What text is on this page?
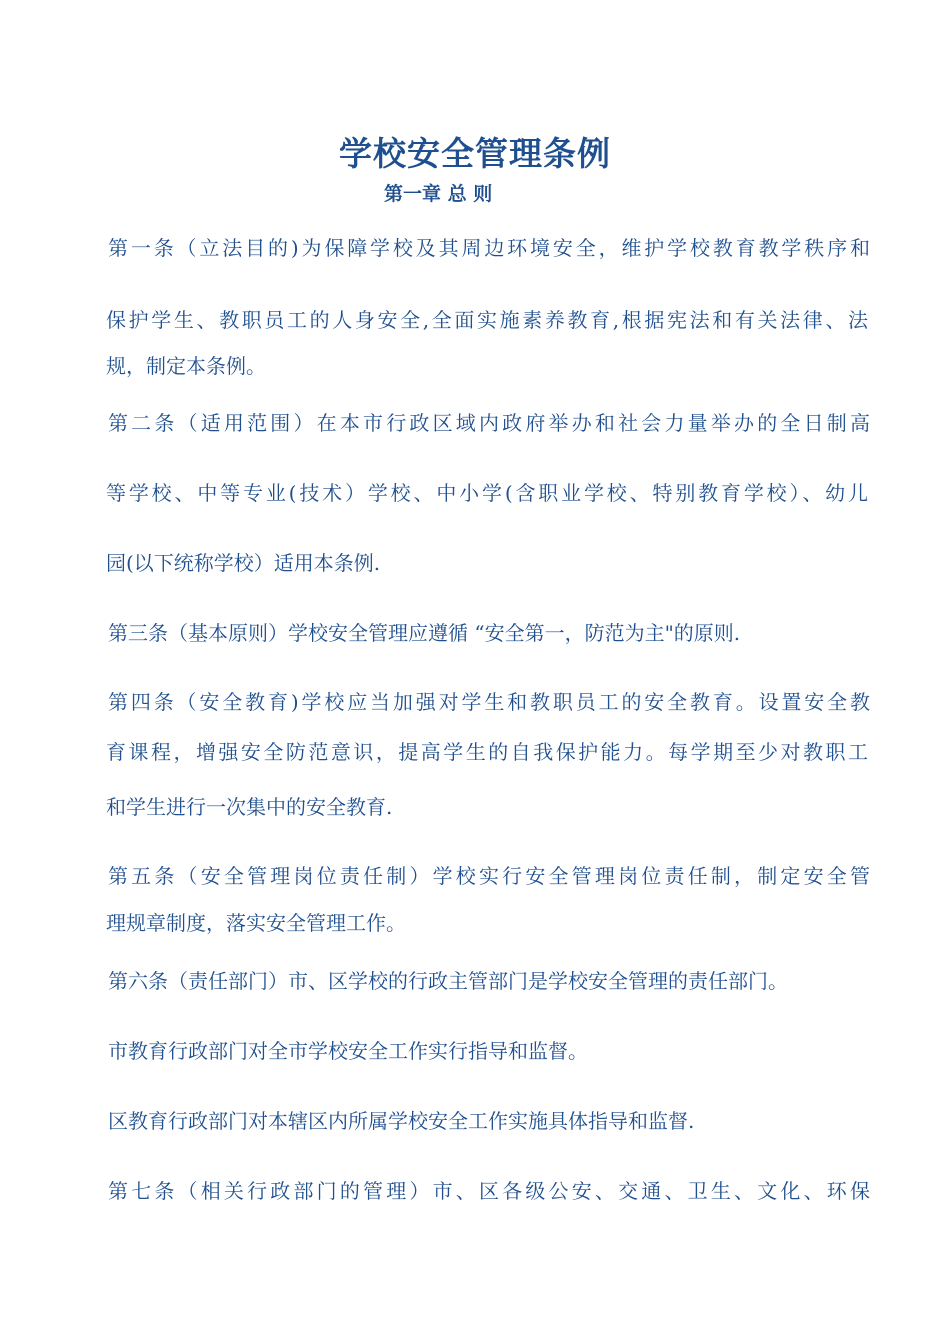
学校安全管理条例
第一章 总 则
第一条（立法目的)为保障学校及其周边环境安全，维护学校教育教学秩序和
保护学生、教职员工的人身安全,全面实施素养教育,根据宪法和有关法律、法
规，制定本条例。
第二条（适用范围）在本市行政区域内政府举办和社会力量举办的全日制高
等学校、中等专业(技术）学校、中小学(含职业学校、特别教育学校）、幼儿
园(以下统称学校）适用本条例.
第三条（基本原则）学校安全管理应遵循 “安全第一，防范为主"的原则.
第四条（安全教育)学校应当加强对学生和教职员工的安全教育。设置安全教
育课程，增强安全防范意识，提高学生的自我保护能力。每学期至少对教职工
和学生进行一次集中的安全教育.
第五条（安全管理岗位责任制）学校实行安全管理岗位责任制，制定安全管
理规章制度，落实安全管理工作。
第六条（责任部门）市、区学校的行政主管部门是学校安全管理的责任部门。
市教育行政部门对全市学校安全工作实行指导和监督。
区教育行政部门对本辖区内所属学校安全工作实施具体指导和监督.
第七条（相关行政部门的管理）市、区各级公安、交通、卫生、文化、环保
